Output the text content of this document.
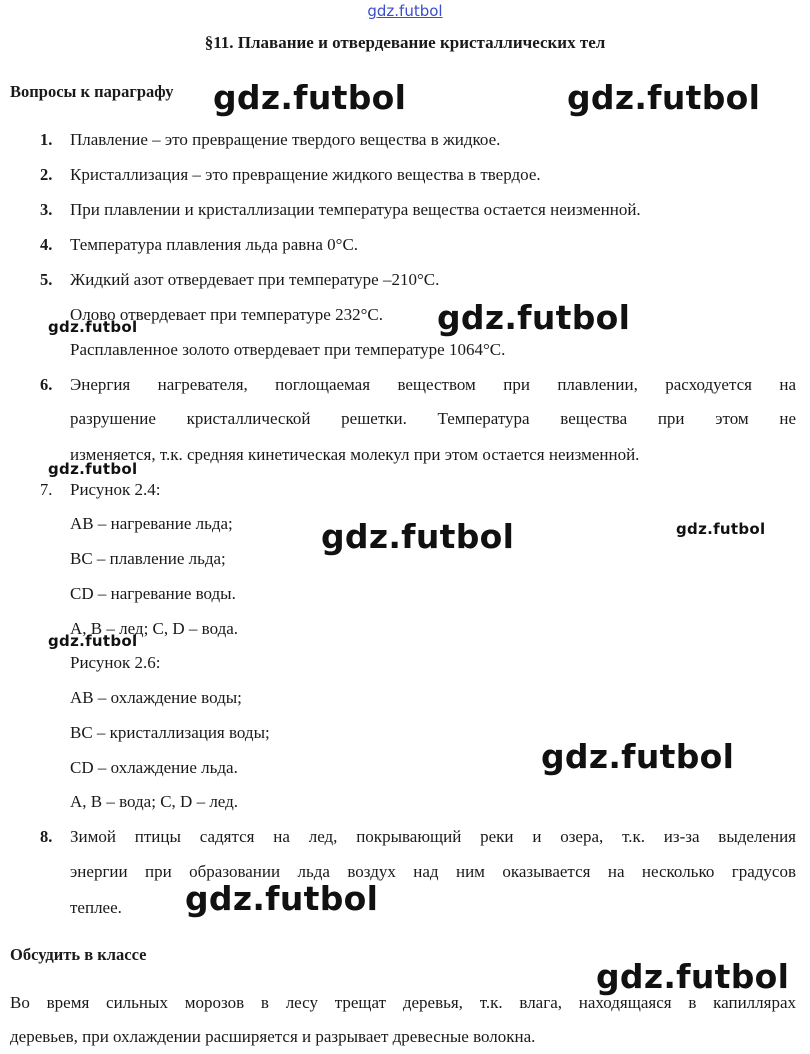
gdz.futbol
§11. Плавание и отвердевание кристаллических тел
Вопросы к параграфу
1. Плавление – это превращение твердого вещества в жидкое.
2. Кристаллизация – это превращение жидкого вещества в твердое.
3. При плавлении и кристаллизации температура вещества остается неизменной.
4. Температура плавления льда равна 0°C.
5. Жидкий азот отвердевает при температуре –210°C.
Олово отвердевает при температуре 232°C.
Расплавленное золото отвердевает при температуре 1064°C.
6. Энергия нагревателя, поглощаемая веществом при плавлении, расходуется на
разрушение кристаллической решетки. Температура вещества при этом не
изменяется, т.к. средняя кинетическая молекул при этом остается неизменной.
7. Рисунок 2.4:
AB – нагревание льда;
BC – плавление льда;
CD – нагревание воды.
A, B – лед; C, D – вода.
Рисунок 2.6:
AB – охлаждение воды;
BC – кристаллизация воды;
CD – охлаждение льда.
A, B – вода; C, D – лед.
8. Зимой птицы садятся на лед, покрывающий реки и озера, т.к. из-за выделения
энергии при образовании льда воздух над ним оказывается на несколько градусов
теплее.
Обсудить в классе
Во время сильных морозов в лесу трещат деревья, т.к. влага, находящаяся в капиллярах
деревьев, при охлаждении расширяется и разрывает древесные волокна.
gdz.futbol	gdz.futbol
gdz.futbol	gdz.futbol
gdz.futbol
gdz.futbol	gdz.futbol
gdz.futbol
gdz.futbol
gdz.futbol
gdz.futbol
